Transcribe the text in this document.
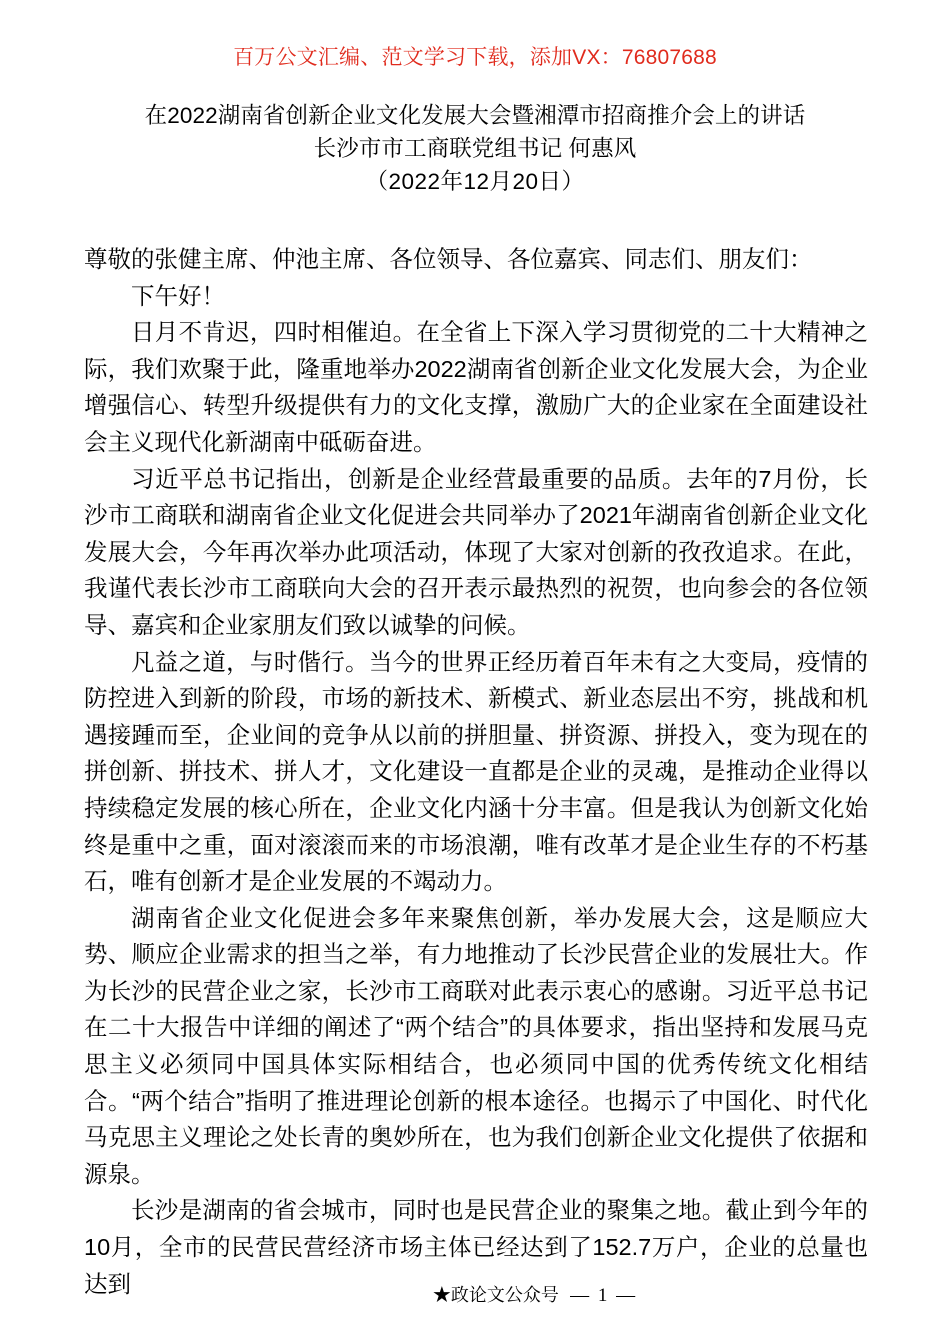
百万公文汇编、范文学习下载，添加VX：76807688
在2022湖南省创新企业文化发展大会暨湘潭市招商推介会上的讲话
长沙市市工商联党组书记 何惠风
（2022年12月20日）

尊敬的张健主席、仲池主席、各位领导、各位嘉宾、同志们、朋友们：

下午好！

日月不肯迟，四时相催迫。在全省上下深入学习贯彻党的二十大精神之际，我们欢聚于此，隆重地举办2022湖南省创新企业文化发展大会，为企业增强信心、转型升级提供有力的文化支撑，激励广大的企业家在全面建设社会主义现代化新湖南中砥砺奋进。

习近平总书记指出，创新是企业经营最重要的品质。去年的7月份，长沙市工商联和湖南省企业文化促进会共同举办了2021年湖南省创新企业文化发展大会，今年再次举办此项活动，体现了大家对创新的孜孜追求。在此，我谨代表长沙市工商联向大会的召开表示最热烈的祝贺，也向参会的各位领导、嘉宾和企业家朋友们致以诚挚的问候。

凡益之道，与时偕行。当今的世界正经历着百年未有之大变局，疫情的防控进入到新的阶段，市场的新技术、新模式、新业态层出不穷，挑战和机遇接踵而至，企业间的竞争从以前的拼胆量、拼资源、拼投入，变为现在的拼创新、拼技术、拼人才，文化建设一直都是企业的灵魂，是推动企业得以持续稳定发展的核心所在，企业文化内涵十分丰富。但是我认为创新文化始终是重中之重，面对滚滚而来的市场浪潮，唯有改革才是企业生存的不朽基石，唯有创新才是企业发展的不竭动力。

湖南省企业文化促进会多年来聚焦创新，举办发展大会，这是顺应大势、顺应企业需求的担当之举，有力地推动了长沙民营企业的发展壮大。作为长沙的民营企业之家，长沙市工商联对此表示衷心的感谢。习近平总书记在二十大报告中详细的阐述了“两个结合”的具体要求，指出坚持和发展马克思主义必须同中国具体实际相结合，也必须同中国的优秀传统文化相结合。“两个结合”指明了推进理论创新的根本途径。也揭示了中国化、时代化马克思主义理论之处长青的奥妙所在，也为我们创新企业文化提供了依据和源泉。

长沙是湖南的省会城市，同时也是民营企业的聚集之地。截止到今年的10月，全市的民营民营经济市场主体已经达到了152.7万户，企业的总量也达到	★政论文公众号 — 1 —
